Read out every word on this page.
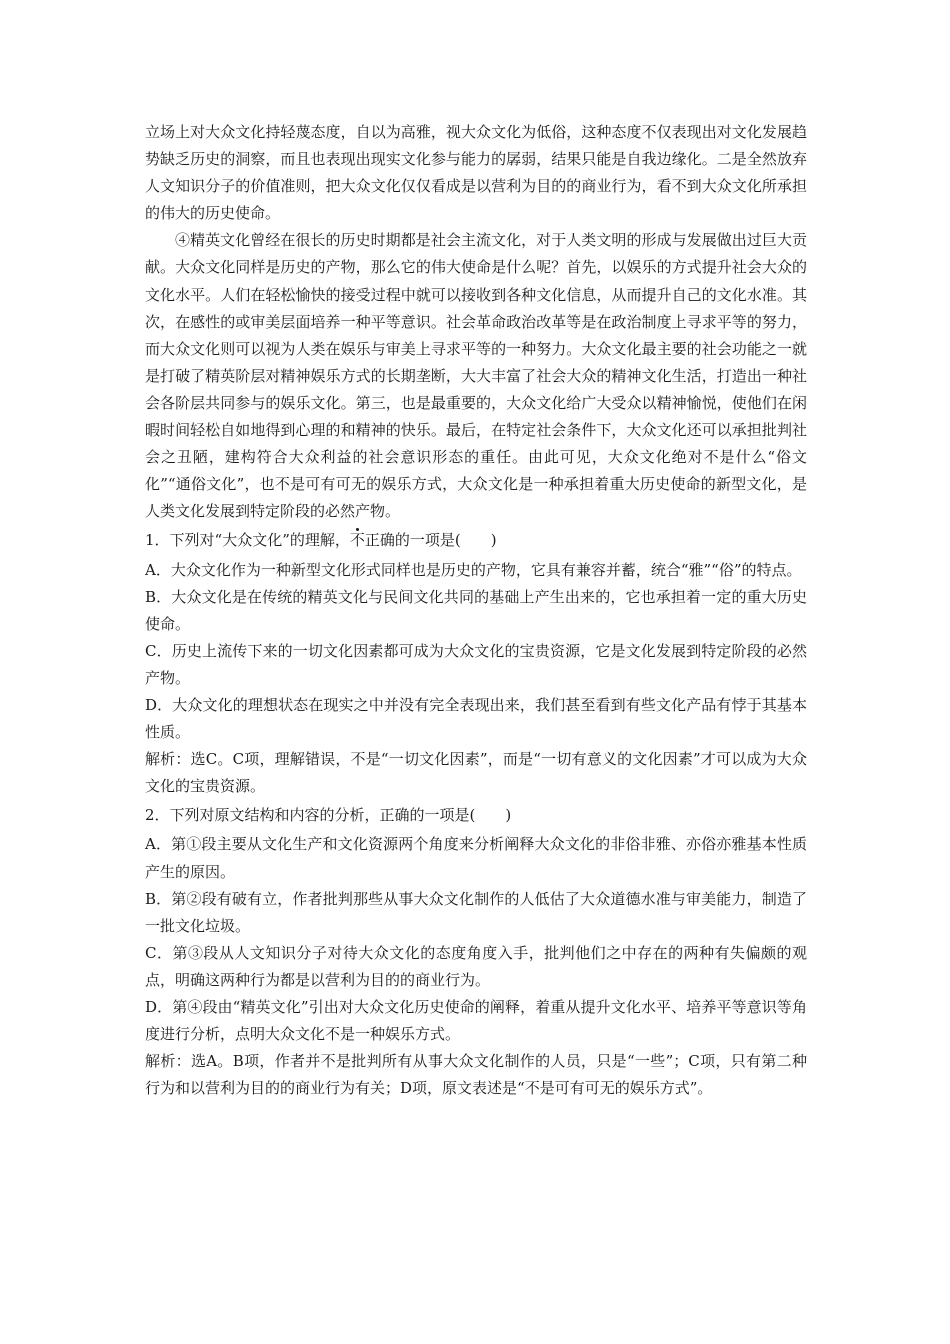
立场上对大众文化持轻蔑态度，自以为高雅，视大众文化为低俗，这种态度不仅表现出对文化发展趋势缺乏历史的洞察，而且也表现出现实文化参与能力的孱弱，结果只能是自我边缘化。二是全然放弃人文知识分子的价值准则，把大众文化仅仅看成是以营利为目的的商业行为，看不到大众文化所承担的伟大的历史使命。

④精英文化曾经在很长的历史时期都是社会主流文化，对于人类文明的形成与发展做出过巨大贡献。大众文化同样是历史的产物，那么它的伟大使命是什么呢？首先，以娱乐的方式提升社会大众的文化水平。人们在轻松愉快的接受过程中就可以接收到各种文化信息，从而提升自己的文化水准。其次，在感性的或审美层面培养一种平等意识。社会革命政治改革等是在政治制度上寻求平等的努力，而大众文化则可以视为人类在娱乐与审美上寻求平等的一种努力。大众文化最主要的社会功能之一就是打破了精英阶层对精神娱乐方式的长期垄断，大大丰富了社会大众的精神文化生活，打造出一种社会各阶层共同参与的娱乐文化。第三，也是最重要的，大众文化给广大受众以精神愉悦，使他们在闲暇时间轻松自如地得到心理的和精神的快乐。最后，在特定社会条件下，大众文化还可以承担批判社会之丑陋，建构符合大众利益的社会意识形态的重任。由此可见，大众文化绝对不是什么“俗文化”“通俗文化”，也不是可有可无的娱乐方式，大众文化是一种承担着重大历史使命的新型文化，是人类文化发展到特定阶段的必然产物。

1．下列对“大众文化”的理解，不正确的一项是(　　)

A．大众文化作为一种新型文化形式同样也是历史的产物，它具有兼容并蓄，统合“雅”“俗”的特点。

B．大众文化是在传统的精英文化与民间文化共同的基础上产生出来的，它也承担着一定的重大历史使命。

C．历史上流传下来的一切文化因素都可成为大众文化的宝贵资源，它是文化发展到特定阶段的必然产物。

D．大众文化的理想状态在现实之中并没有完全表现出来，我们甚至看到有些文化产品有悖于其基本性质。

解析：选C。C项，理解错误，不是“一切文化因素”，而是“一切有意义的文化因素”才可以成为大众文化的宝贵资源。

2．下列对原文结构和内容的分析，正确的一项是(　　)

A．第①段主要从文化生产和文化资源两个角度来分析阐释大众文化的非俗非雅、亦俗亦雅基本性质产生的原因。

B．第②段有破有立，作者批判那些从事大众文化制作的人低估了大众道德水准与审美能力，制造了一批文化垃圾。

C．第③段从人文知识分子对待大众文化的态度角度入手，批判他们之中存在的两种有失偏颇的观点，明确这两种行为都是以营利为目的的商业行为。

D．第④段由“精英文化”引出对大众文化历史使命的阐释，着重从提升文化水平、培养平等意识等角度进行分析，点明大众文化不是一种娱乐方式。

解析：选A。B项，作者并不是批判所有从事大众文化制作的人员，只是“一些”；C项，只有第二种行为和以营利为目的的商业行为有关；D项，原文表述是“不是可有可无的娱乐方式”。
